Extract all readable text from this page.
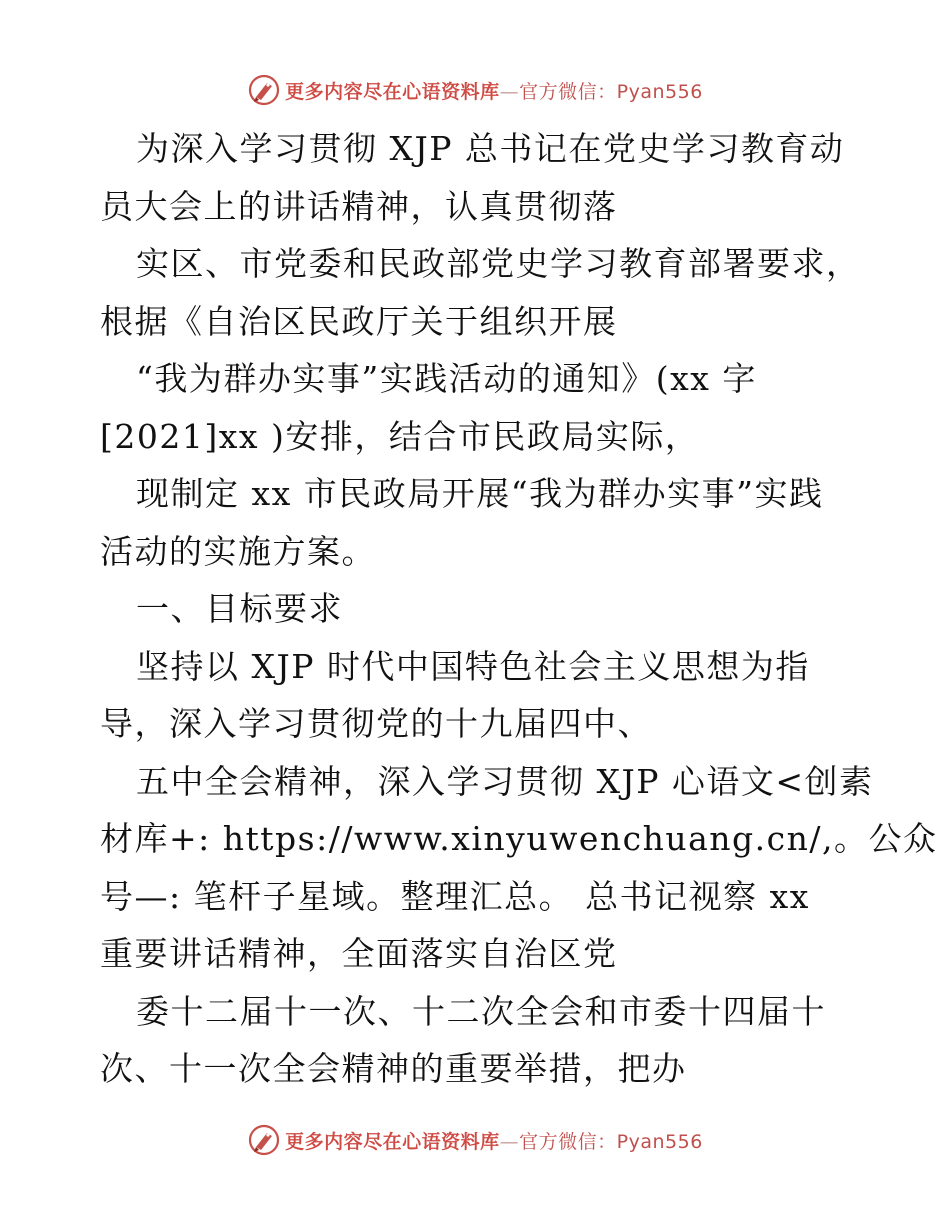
更多内容尽在心语资料库—官方微信：Pyan556
为深入学习贯彻 XJP 总书记在党史学习教育动
员大会上的讲话精神，认真贯彻落
实区、市党委和民政部党史学习教育部署要求，
根据《自治区民政厅关于组织开展
“我为群办实事”实践活动的通知》(xx 字
[2021]xx )安排，结合市民政局实际，
现制定 xx 市民政局开展“我为群办实事”实践
活动的实施方案。
一、目标要求
坚持以 XJP 时代中国特色社会主义思想为指
导，深入学习贯彻党的十九届四中、
五中全会精神，深入学习贯彻 XJP 心语文<创素
材库+: https://www.xinyuwenchuang.cn/,。公众
号—: 笔杆子星域。整理汇总。 总书记视察 xx
重要讲话精神，全面落实自治区党
委十二届十一次、十二次全会和市委十四届十
次、十一次全会精神的重要举措，把办
更多内容尽在心语资料库—官方微信：Pyan556
